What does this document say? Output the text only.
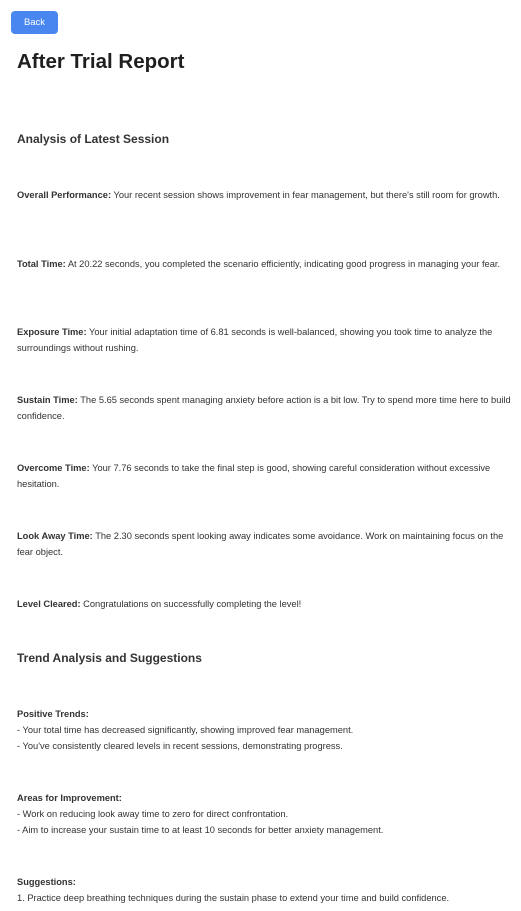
Back
After Trial Report
Analysis of Latest Session

Overall Performance: Your recent session shows improvement in fear management, but there's still room for growth.

Total Time: At 20.22 seconds, you completed the scenario efficiently, indicating good progress in managing your fear.

Exposure Time: Your initial adaptation time of 6.81 seconds is well-balanced, showing you took time to analyze the surroundings without rushing.

Sustain Time: The 5.65 seconds spent managing anxiety before action is a bit low. Try to spend more time here to build confidence.

Overcome Time: Your 7.76 seconds to take the final step is good, showing careful consideration without excessive hesitation.

Look Away Time: The 2.30 seconds spent looking away indicates some avoidance. Work on maintaining focus on the fear object.

Level Cleared: Congratulations on successfully completing the level!

Trend Analysis and Suggestions
Positive Trends:
- Your total time has decreased significantly, showing improved fear management.
- You've consistently cleared levels in recent sessions, demonstrating progress.
Areas for Improvement:
- Work on reducing look away time to zero for direct confrontation.
- Aim to increase your sustain time to at least 10 seconds for better anxiety management.
Suggestions:
1. Practice deep breathing techniques during the sustain phase to extend your time and build confidence.
